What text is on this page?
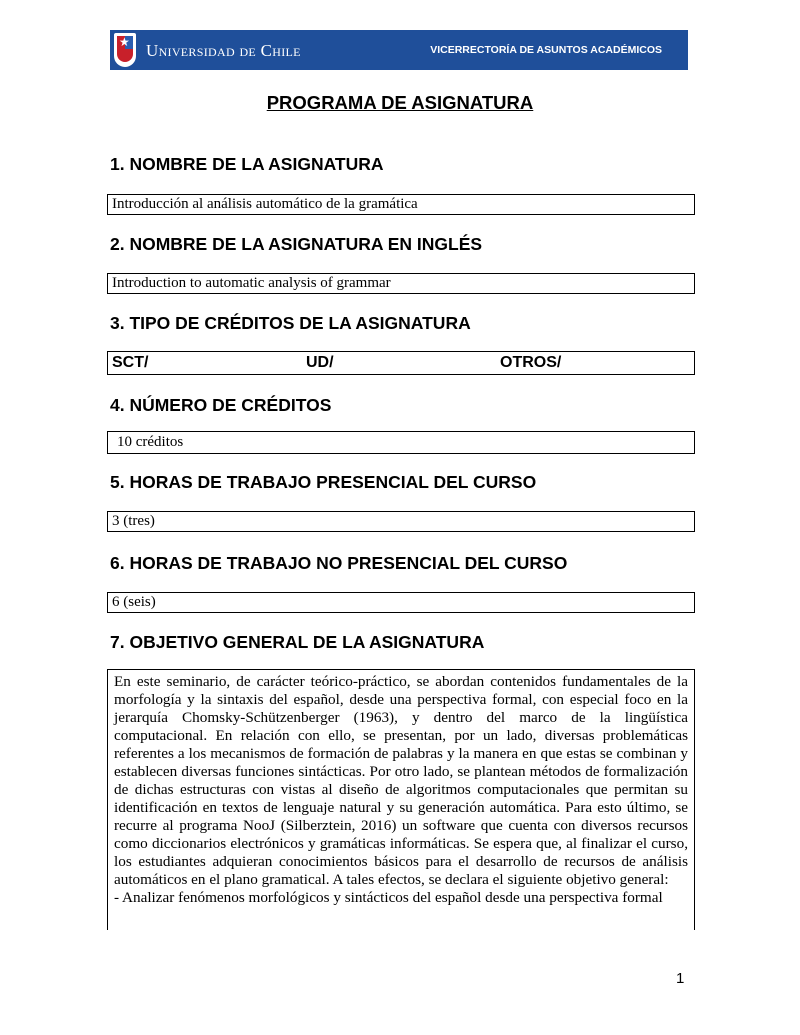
★ Universidad de Chile	VICERRECTORÍA DE ASUNTOS ACADÉMICOS
PROGRAMA DE ASIGNATURA
1. NOMBRE DE LA ASIGNATURA
Introducción al análisis automático de la gramática
2. NOMBRE DE LA ASIGNATURA EN INGLÉS
Introduction to automatic analysis of grammar
3. TIPO DE CRÉDITOS DE LA ASIGNATURA
SCT/	UD/	OTROS/
4. NÚMERO DE CRÉDITOS
10 créditos
5. HORAS DE TRABAJO PRESENCIAL DEL CURSO
3 (tres)
6. HORAS DE TRABAJO NO PRESENCIAL DEL CURSO
6 (seis)
7. OBJETIVO GENERAL DE LA ASIGNATURA

En este seminario, de carácter teórico-práctico, se abordan contenidos fundamentales de la morfología y la sintaxis del español, desde una perspectiva formal, con especial foco en la jerarquía Chomsky-Schützenberger (1963), y dentro del marco de la lingüística computacional. En relación con ello, se presentan, por un lado, diversas problemáticas referentes a los mecanismos de formación de palabras y la manera en que estas se combinan y establecen diversas funciones sintácticas. Por otro lado, se plantean métodos de formalización de dichas estructuras con vistas al diseño de algoritmos computacionales que permitan su identificación en textos de lenguaje natural y su generación automática. Para esto último, se recurre al programa NooJ (Silberztein, 2016) un software que cuenta con diversos recursos como diccionarios electrónicos y gramáticas informáticas. Se espera que, al finalizar el curso, los estudiantes adquieran conocimientos básicos para el desarrollo de recursos de análisis automáticos en el plano gramatical. A tales efectos, se declara el siguiente objetivo general:

- Analizar fenómenos morfológicos y sintácticos del español desde una perspectiva formal

1
